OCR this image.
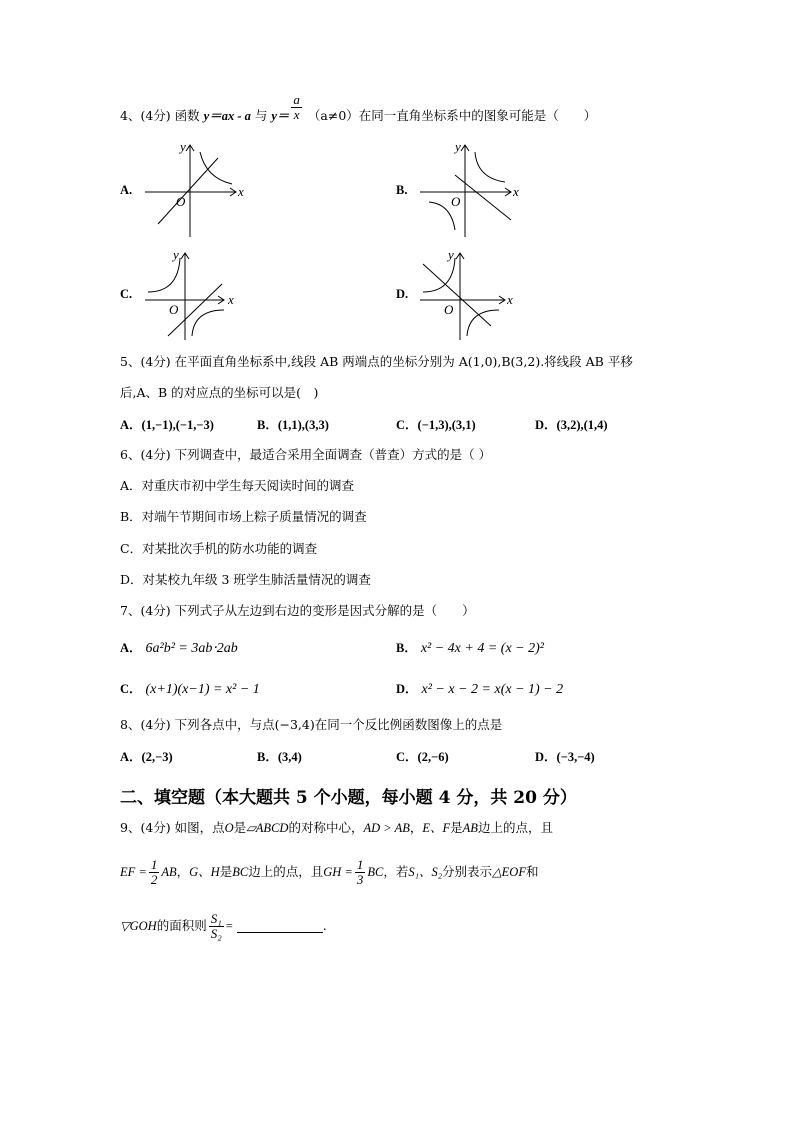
4、(4分) 函数 y＝ax - a 与 $y= \frac{a}{x} (a\ne 0)$在同一直角坐标系中的图象可能是（　　）
A.	x
y
O
B.	x
y
O
C.	x
y
O
D.	x
y
O
5、(4分) 在平面直角坐标系中,线段 AB 两端点的坐标分别为 A(1,0),B(3,2).将线段 AB 平移
后,A、B 的对应点的坐标可以是(　)
A．(1,−1),(−1,−3)	B．(1,1),(3,3)	C．(−1,3),(3,1)	D．(3,2),(1,4)
6、(4分) 下列调查中，最适合采用全面调查（普查）方式的是（ ）
A．对重庆市初中学生每天阅读时间的调查
B．对端午节期间市场上粽子质量情况的调查
C．对某批次手机的防水功能的调查
D．对某校九年级 3 班学生肺活量情况的调查
7、(4分) 下列式子从左边到右边的变形是因式分解的是（　　）
A． 6a²b² = 3ab⋅2ab	B． x² − 4x + 4 = (x − 2)²
C． (x+1)(x−1) = x² − 1	D． x² − x − 2 = x(x − 1) − 2
8、(4分) 下列各点中，与点(−3,4)在同一个反比例函数图像上的点是
A．(2,−3)	B．(3,4)	C．(2,−6)	D．(−3,−4)
二、填空题（本大题共 5 个小题，每小题 4 分，共 20 分）
9、(4分) 如图，点O是▱ABCD的对称中心，AD > AB，E、F是AB边上的点，且
EF = $\frac{1}{2}$ AB，G、H是BC边上的点，且GH = $\frac{1}{3}$ BC，若S₁、S₂分别表示△EOF和
▽GOH的面积则 $\frac{\text{S₁}}{\text{S₂}}$ =	.
